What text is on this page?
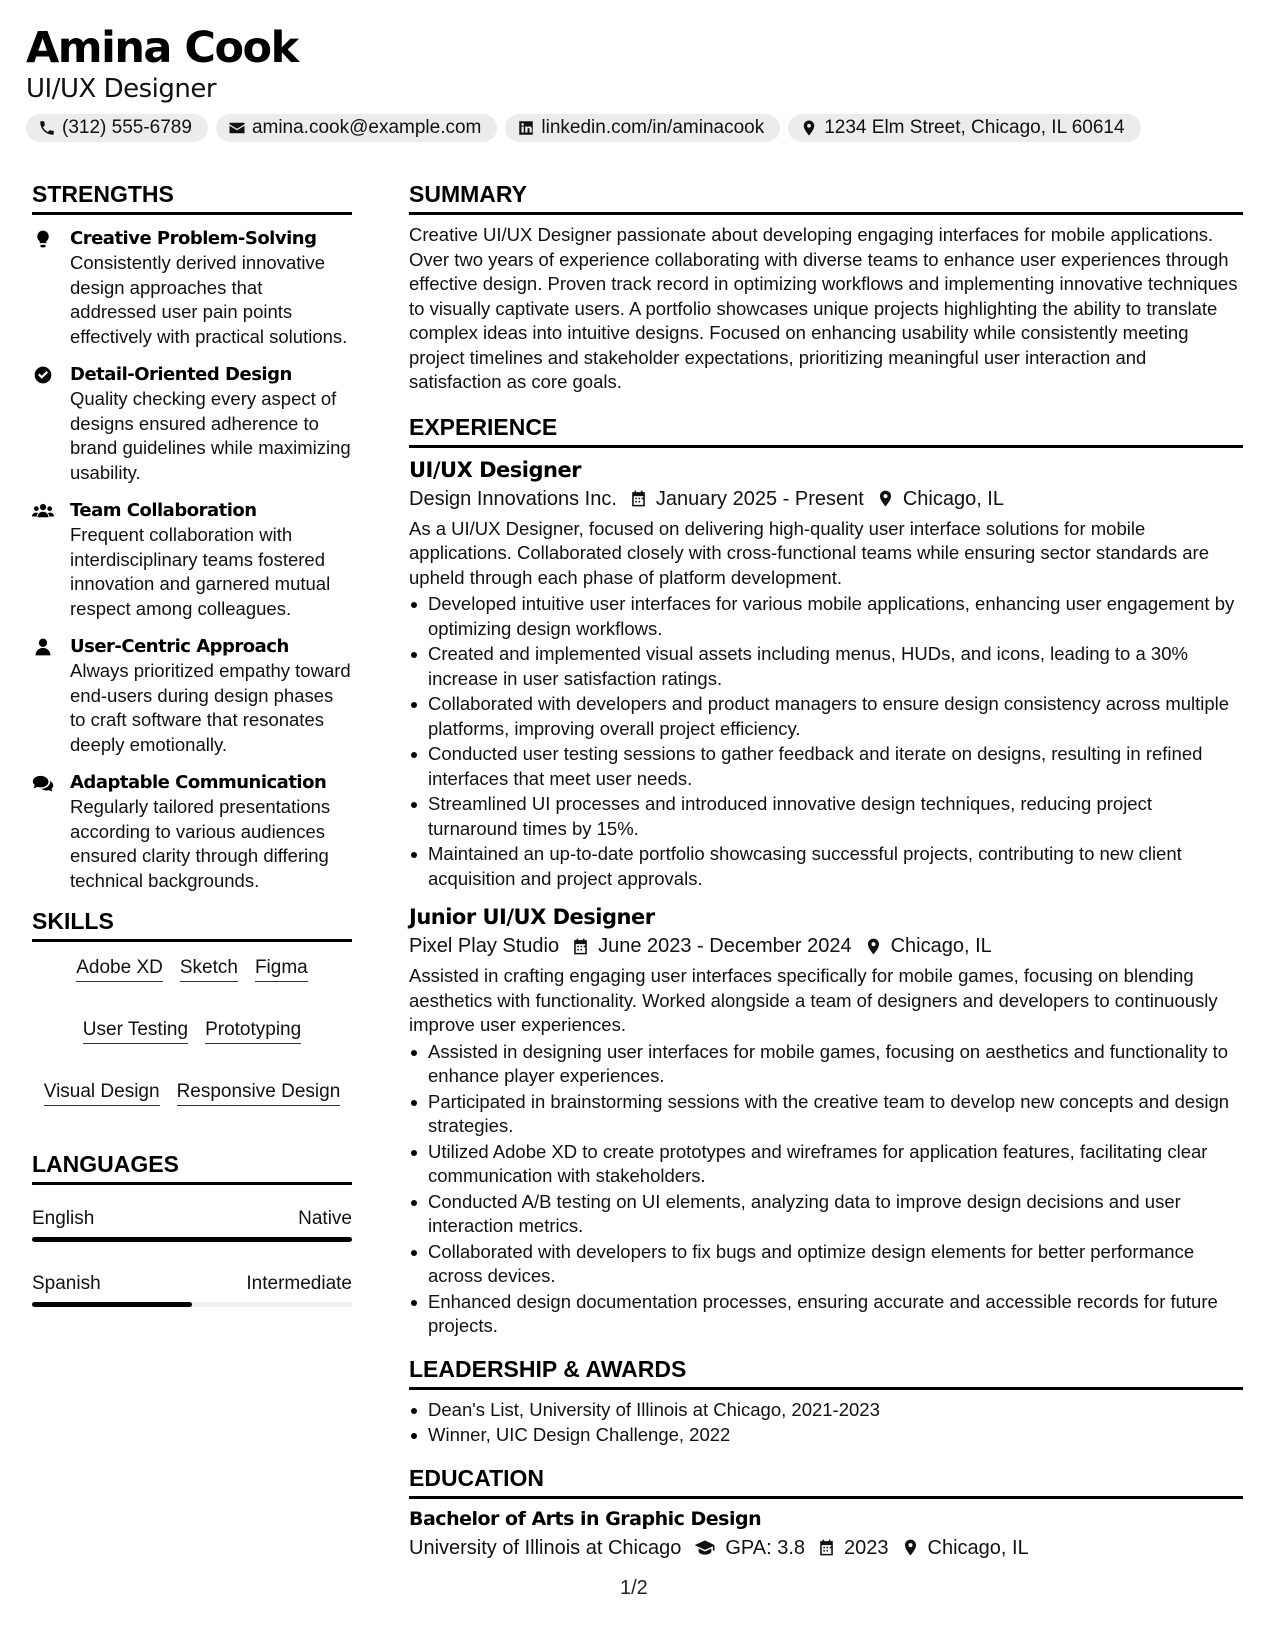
Amina Cook
UI/UX Designer
(312) 555-6789	amina.cook@example.com	linkedin.com/in/aminacook	1234 Elm Street, Chicago, IL 60614
STRENGTHS
Creative Problem-Solving
Consistently derived innovative design approaches that addressed user pain points effectively with practical solutions.
Detail-Oriented Design
Quality checking every aspect of designs ensured adherence to brand guidelines while maximizing usability.
Team Collaboration
Frequent collaboration with interdisciplinary teams fostered innovation and garnered mutual respect among colleagues.
User-Centric Approach
Always prioritized empathy toward end-users during design phases to craft software that resonates deeply emotionally.
Adaptable Communication
Regularly tailored presentations according to various audiences ensured clarity through differing technical backgrounds.
SKILLS
Adobe XD Sketch Figma
User Testing Prototyping
Visual Design Responsive Design
LANGUAGES
English	Native
Spanish	Intermediate
SUMMARY
Creative UI/UX Designer passionate about developing engaging interfaces for mobile applications. Over two years of experience collaborating with diverse teams to enhance user experiences through effective design. Proven track record in optimizing workflows and implementing innovative techniques to visually captivate users. A portfolio showcases unique projects highlighting the ability to translate complex ideas into intuitive designs. Focused on enhancing usability while consistently meeting project timelines and stakeholder expectations, prioritizing meaningful user interaction and satisfaction as core goals.
EXPERIENCE
UI/UX Designer
Design Innovations Inc. January 2025 - Present Chicago, IL
As a UI/UX Designer, focused on delivering high-quality user interface solutions for mobile applications. Collaborated closely with cross-functional teams while ensuring sector standards are upheld through each phase of platform development.
Developed intuitive user interfaces for various mobile applications, enhancing user engagement by optimizing design workflows.
Created and implemented visual assets including menus, HUDs, and icons, leading to a 30% increase in user satisfaction ratings.
Collaborated with developers and product managers to ensure design consistency across multiple platforms, improving overall project efficiency.
Conducted user testing sessions to gather feedback and iterate on designs, resulting in refined interfaces that meet user needs.
Streamlined UI processes and introduced innovative design techniques, reducing project turnaround times by 15%.
Maintained an up-to-date portfolio showcasing successful projects, contributing to new client acquisition and project approvals.
Junior UI/UX Designer
Pixel Play Studio June 2023 - December 2024 Chicago, IL
Assisted in crafting engaging user interfaces specifically for mobile games, focusing on blending aesthetics with functionality. Worked alongside a team of designers and developers to continuously improve user experiences.
Assisted in designing user interfaces for mobile games, focusing on aesthetics and functionality to enhance player experiences.
Participated in brainstorming sessions with the creative team to develop new concepts and design strategies.
Utilized Adobe XD to create prototypes and wireframes for application features, facilitating clear communication with stakeholders.
Conducted A/B testing on UI elements, analyzing data to improve design decisions and user interaction metrics.
Collaborated with developers to fix bugs and optimize design elements for better performance across devices.
Enhanced design documentation processes, ensuring accurate and accessible records for future projects.
LEADERSHIP & AWARDS
Dean's List, University of Illinois at Chicago, 2021-2023
Winner, UIC Design Challenge, 2022
EDUCATION
Bachelor of Arts in Graphic Design
University of Illinois at Chicago GPA: 3.8 2023 Chicago, IL
1/2
